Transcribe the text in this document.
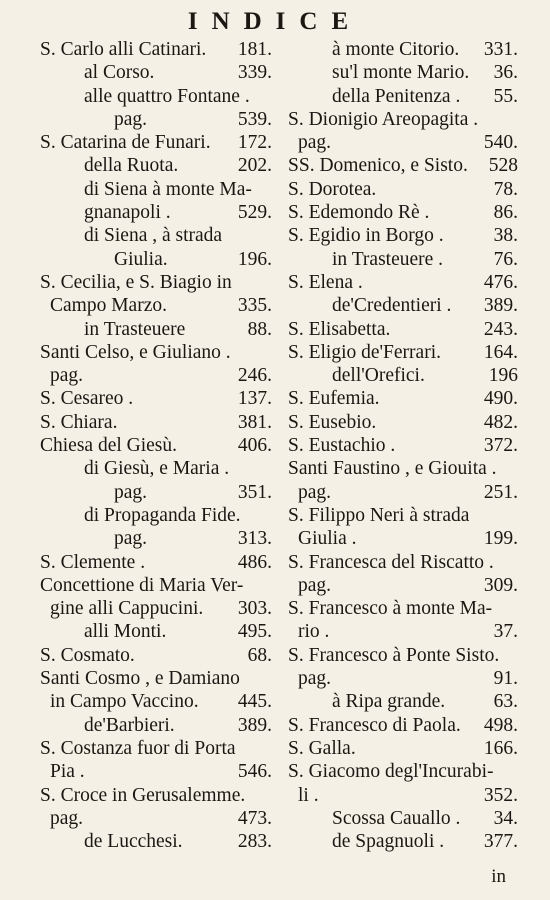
INDICE
S. Carlo alli Catinari. 181.
al Corso.	339.
alle quattro Fontane .
pag.	539.
S. Catarina de Funari. 172.
della Ruota.	202.
di Siena à monte Ma-
gnanapoli .	529.
di Siena , à strada
Giulia.	196.
S. Cecilia, e S. Biagio in
Campo Marzo.	335.
in Trasteuere	88.
Santi Celso, e Giuliano .
pag.	246.
S. Cesareo .	137.
S. Chiara.	381.
Chiesa del Giesù.	406.
di Giesù, e Maria .
pag.	351.
di Propaganda Fide.
pag.	313.
S. Clemente .	486.
Concettione di Maria Ver-
gine alli Cappucini. 303.
alli Monti.	495.
S. Cosmato.	68.
Santi Cosmo , e Damiano
in Campo Vaccino. 445.
de'Barbieri.	389.
S. Costanza fuor di Porta
Pia .	546.
S. Croce in Gerusalemme.
pag.	473.
de Lucchesi.	283.
à monte Citorio. 331.
su'l monte Mario. 36.
della Penitenza . 55.
S. Dionigio Areopagita .
pag.	540.
SS. Domenico, e Sisto. 528
S. Dorotea.	78.
S. Edemondo Rè .	86.
S. Egidio in Borgo .	38.
in Trasteuere .	76.
S. Elena .	476.
de'Credentieri . 389.
S. Elisabetta.	243.
S. Eligio de'Ferrari. 164.
dell'Orefici.	196
S. Eufemia.	490.
S. Eusebio.	482.
S. Eustachio .	372.
Santi Faustino , e Giouita .
pag.	251.
S. Filippo Neri à strada
Giulia .	199.
S. Francesca del Riscatto .
pag.	309.
S. Francesco à monte Ma-
rio .	37.
S. Francesco à Ponte Sisto.
pag.	91.
à Ripa grande. 63.
S. Francesco di Paola. 498.
S. Galla.	166.
S. Giacomo degl'Incurabi-
li .	352.
Scossa Cauallo . 34.
de Spagnuoli . 377.
in
